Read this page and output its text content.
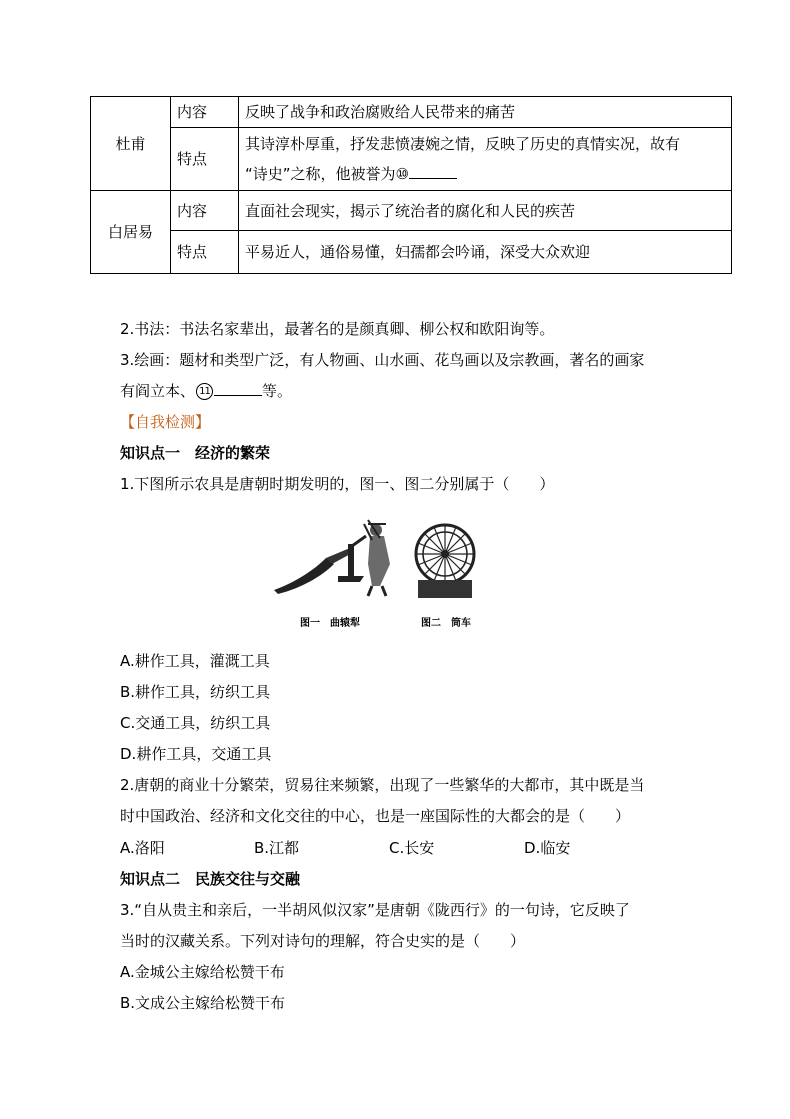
杜甫	内容	反映了战争和政治腐败给人民带来的痛苦
	特点	其诗淳朴厚重，抒发悲愤凄婉之情，反映了历史的真情实况，故有
“诗史”之称，他被誉为⑩

白居易	内容	直面社会现实，揭示了统治者的腐化和人民的疾苦
	特点	平易近人，通俗易懂，妇孺都会吟诵，深受大众欢迎
2.书法：书法名家辈出，最著名的是颜真卿、柳公权和欧阳询等。
3.绘画：题材和类型广泛，有人物画、山水画、花鸟画以及宗教画，著名的画家
有阎立本、 11	等。
【自我检测】
知识点一　经济的繁荣
1.下图所示农具是唐朝时期发明的，图一、图二分别属于（　　）
图一　曲辕犁	图二　筒车
A.耕作工具，灌溉工具
B.耕作工具，纺织工具
C.交通工具，纺织工具
D.耕作工具，交通工具
2.唐朝的商业十分繁荣，贸易往来频繁，出现了一些繁华的大都市，其中既是当
时中国政治、经济和文化交往的中心，也是一座国际性的大都会的是（　　）
A.洛阳	B.江都	C.长安	D.临安
知识点二　民族交往与交融
3.“自从贵主和亲后，一半胡风似汉家”是唐朝《陇西行》的一句诗，它反映了
当时的汉藏关系。下列对诗句的理解，符合史实的是（　　）
A.金城公主嫁给松赞干布
B.文成公主嫁给松赞干布
